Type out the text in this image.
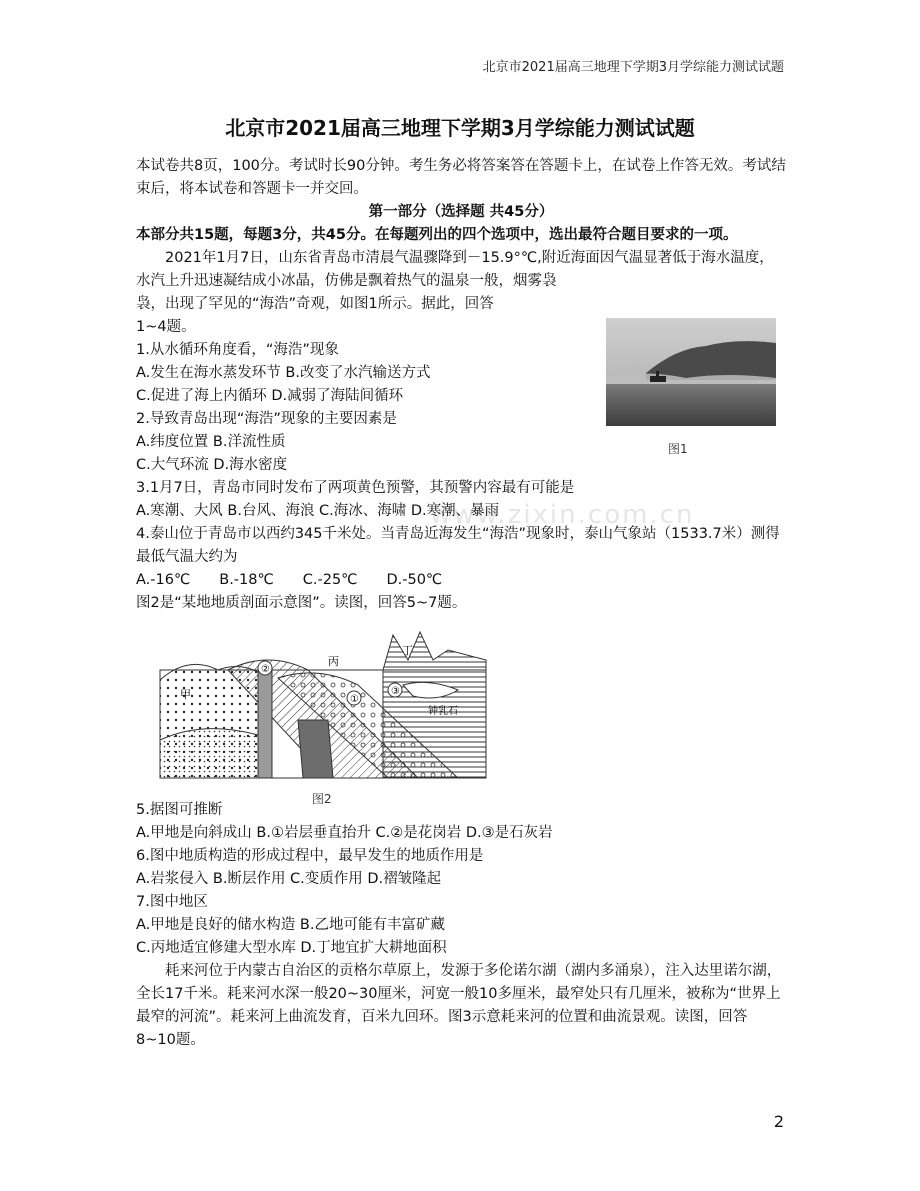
北京市2021届高三地理下学期3月学综能力测试试题
北京市2021届高三地理下学期3月学综能力测试试题
www.zixin.com.cn

本试卷共8页，100分。考试时长90分钟。考生务必将答案答在答题卡上，在试卷上作答无效。考试结束后，将本试卷和答题卡一并交回。

第一部分（选择题 共45分）

本部分共15题，每题3分，共45分。在每题列出的四个选项中，选出最符合题目要求的一项。

2021年1月7日，山东省青岛市清晨气温骤降到－15.9°℃,附近海面因气温显著低于海水温度，水汽上升迅速凝结成小冰晶，仿佛是飘着热气的温泉一般，烟雾袅

袅，出现了罕见的“海浩”奇观，如图1所示。据此，回答

1~4题。

1.从水循环角度看，“海浩”现象

A.发生在海水蒸发环节 B.改变了水汽输送方式

C.促进了海上内循环 D.减弱了海陆间循环

2.导致青岛出现“海浩”现象的主要因素是

A.纬度位置 B.洋流性质

C.大气环流 D.海水密度

3.1月7日，青岛市同时发布了两项黄色预警，其预警内容最有可能是

A.寒潮、大风 B.台风、海浪 C.海冰、海啸 D.寒潮、暴雨

4.泰山位于青岛市以西约345千米处。当青岛近海发生“海浩”现象时，泰山气象站（1533.7米）测得最低气温大约为

A.-16℃　　B.-18℃　　C.-25℃　　D.-50℃

图2是“某地地质剖面示意图”。读图，回答5~7题。

5.据图可推断

A.甲地是向斜成山 B.①岩层垂直抬升 C.②是花岗岩 D.③是石灰岩

6.图中地质构造的形成过程中，最早发生的地质作用是

A.岩浆侵入 B.断层作用 C.变质作用 D.褶皱隆起

7.图中地区

A.甲地是良好的储水构造 B.乙地可能有丰富矿藏

C.丙地适宜修建大型水库 D.丁地宜扩大耕地面积

耗来河位于内蒙古自治区的贡格尔草原上，发源于多伦诺尔湖（湖内多涌泉），注入达里诺尔湖，全长17千米。耗来河水深一般20~30厘米，河宽一般10多厘米，最窄处只有几厘米，被称为“世界上最窄的河流”。耗来河上曲流发育，百米九回环。图3示意耗来河的位置和曲流景观。读图，回答8~10题。

图1
②
①
③
甲
丙
丁
钟乳石
图2
2
